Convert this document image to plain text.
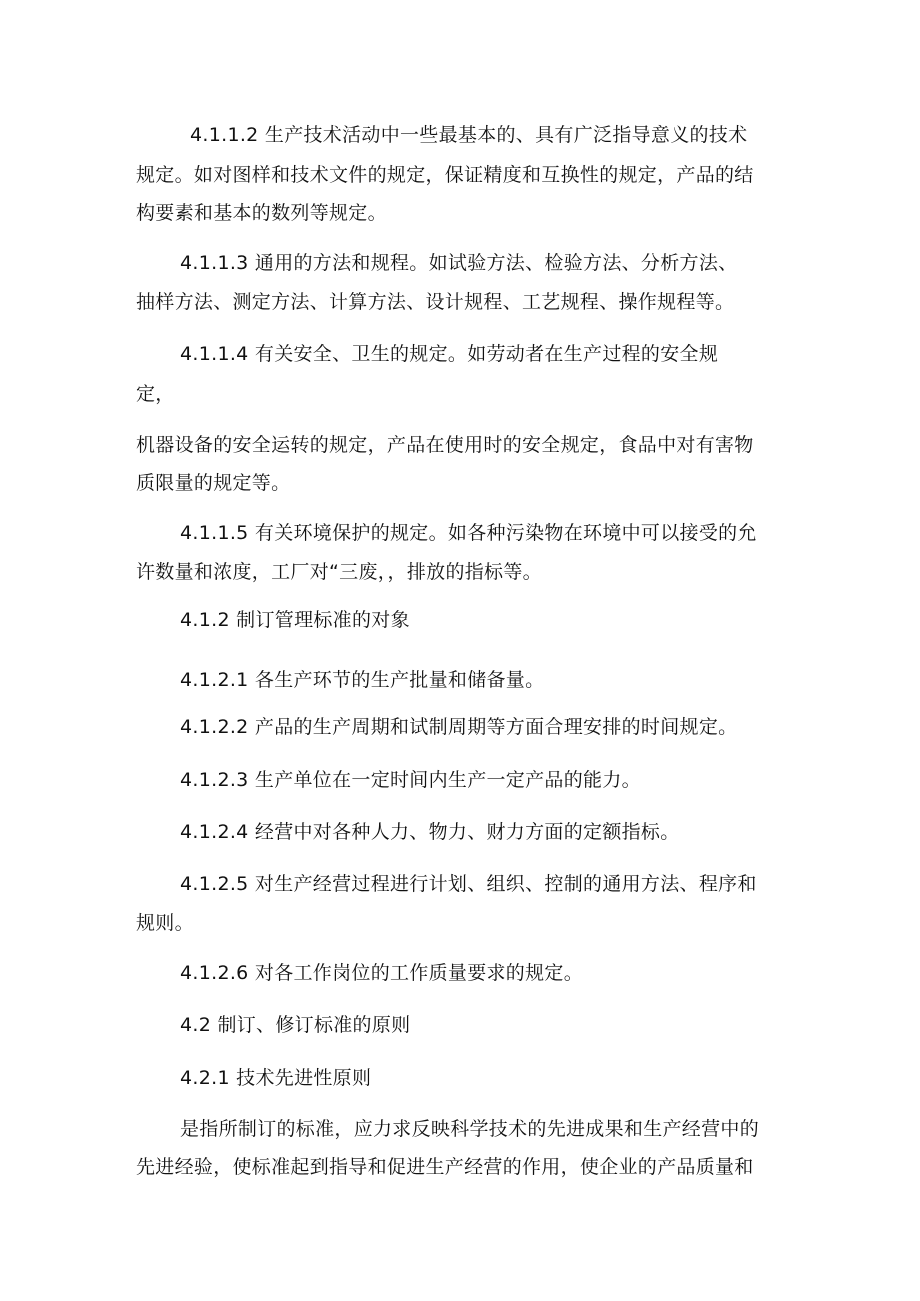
4.1.1.2 生产技术活动中一些最基本的、具有广泛指导意义的技术
规定。如对图样和技术文件的规定，保证精度和互换性的规定，产品的结
构要素和基本的数列等规定。
4.1.1.3 通用的方法和规程。如试验方法、检验方法、分析方法、
抽样方法、测定方法、计算方法、设计规程、工艺规程、操作规程等。
4.1.1.4 有关安全、卫生的规定。如劳动者在生产过程的安全规
定，
机器设备的安全运转的规定，产品在使用时的安全规定，食品中对有害物
质限量的规定等。
4.1.1.5 有关环境保护的规定。如各种污染物在环境中可以接受的允
许数量和浓度，工厂对“三废，，排放的指标等。
4.1.2 制订管理标准的对象
4.1.2.1 各生产环节的生产批量和储备量。
4.1.2.2 产品的生产周期和试制周期等方面合理安排的时间规定。
4.1.2.3 生产单位在一定时间内生产一定产品的能力。
4.1.2.4 经营中对各种人力、物力、财力方面的定额指标。
4.1.2.5 对生产经营过程进行计划、组织、控制的通用方法、程序和
规则。
4.1.2.6 对各工作岗位的工作质量要求的规定。
4.2 制订、修订标准的原则
4.2.1 技术先进性原则
是指所制订的标准，应力求反映科学技术的先进成果和生产经营中的
先进经验，使标准起到指导和促进生产经营的作用，使企业的产品质量和
